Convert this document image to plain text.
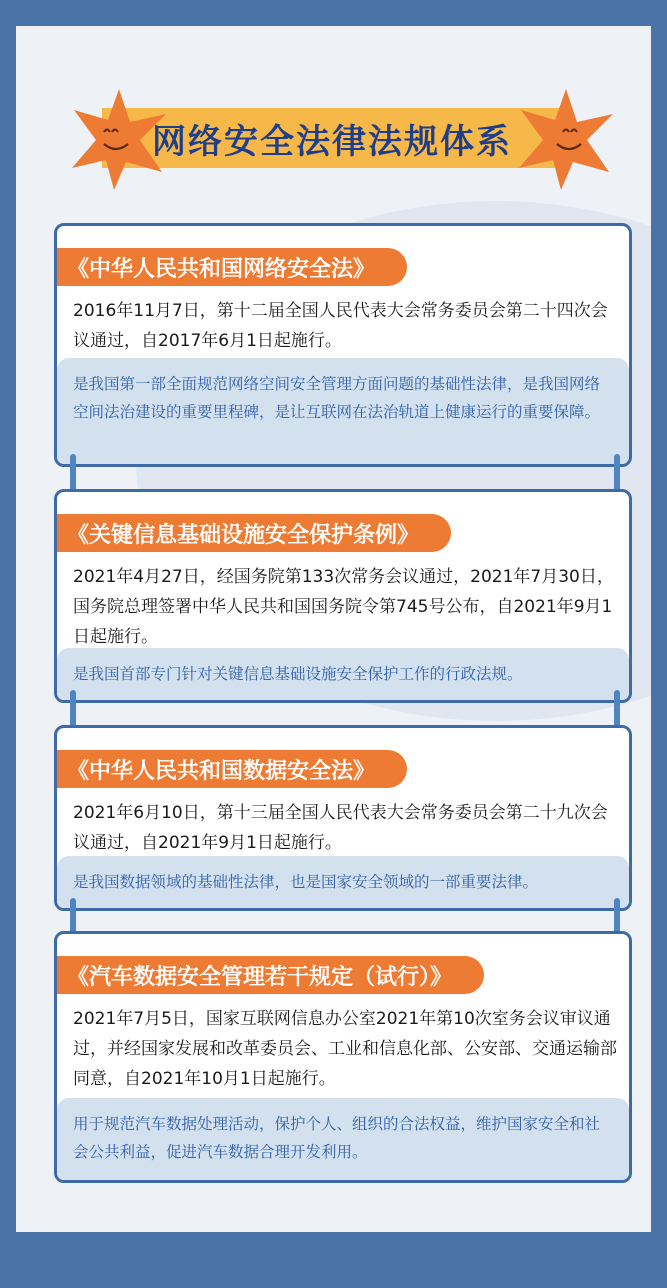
网络安全法律法规体系
《中华人民共和国网络安全法》
2016年11月7日，第十二届全国人民代表大会常务委员会第二十四次会议通过，自2017年6月1日起施行。
是我国第一部全面规范网络空间安全管理方面问题的基础性法律，是我国网络空间法治建设的重要里程碑，是让互联网在法治轨道上健康运行的重要保障。
《关键信息基础设施安全保护条例》
2021年4月27日，经国务院第133次常务会议通过，2021年7月30日，国务院总理签署中华人民共和国国务院令第745号公布，自2021年9月1日起施行。
是我国首部专门针对关键信息基础设施安全保护工作的行政法规。
《中华人民共和国数据安全法》
2021年6月10日，第十三届全国人民代表大会常务委员会第二十九次会议通过，自2021年9月1日起施行。
是我国数据领域的基础性法律，也是国家安全领域的一部重要法律。
《汽车数据安全管理若干规定（试行）》
2021年7月5日，国家互联网信息办公室2021年第10次室务会议审议通过，并经国家发展和改革委员会、工业和信息化部、公安部、交通运输部同意，自2021年10月1日起施行。
用于规范汽车数据处理活动，保护个人、组织的合法权益，维护国家安全和社会公共利益，促进汽车数据合理开发利用。
